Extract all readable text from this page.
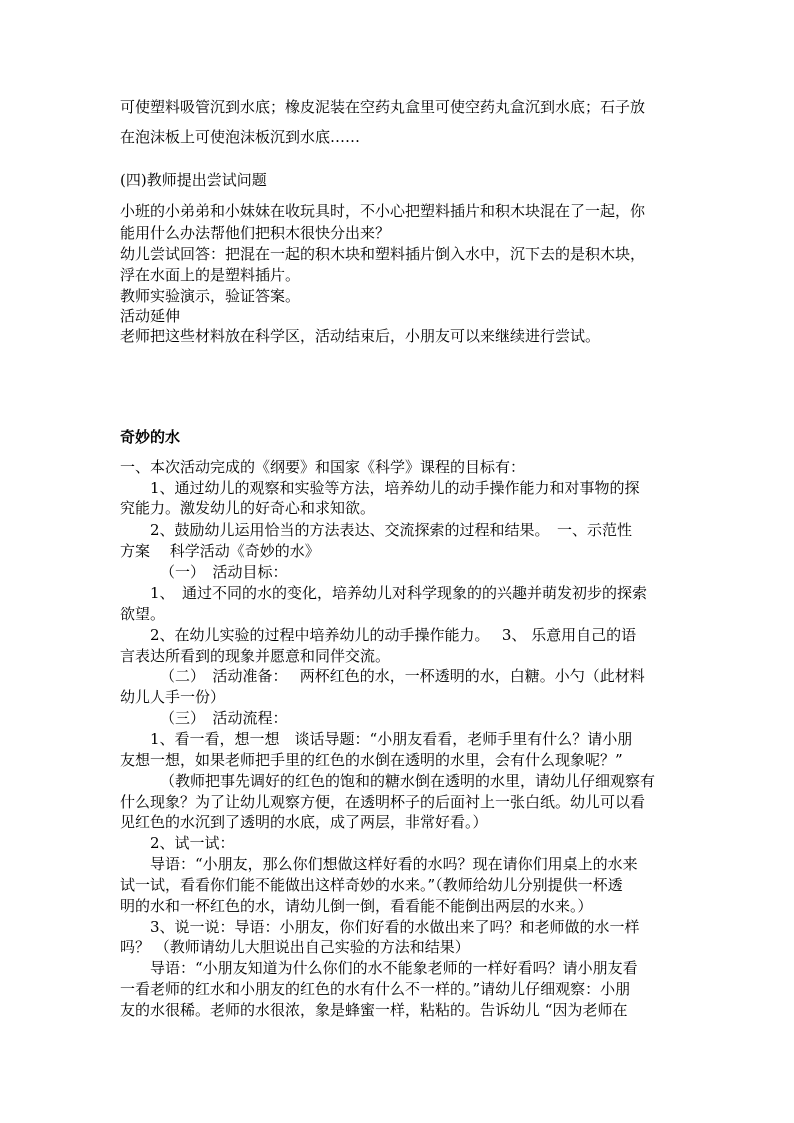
可使塑料吸管沉到水底；橡皮泥装在空药丸盒里可使空药丸盒沉到水底；石子放

在泡沫板上可使泡沫板沉到水底……

(四)教师提出尝试问题

小班的小弟弟和小妹妹在收玩具时，不小心把塑料插片和积木块混在了一起，你

能用什么办法帮他们把积木很快分出来？

幼儿尝试回答：把混在一起的积木块和塑料插片倒入水中，沉下去的是积木块，

浮在水面上的是塑料插片。

教师实验演示，验证答案。

活动延伸

老师把这些材料放在科学区，活动结束后，小朋友可以来继续进行尝试。

奇妙的水

一、本次活动完成的《纲要》和国家《科学》课程的目标有：

1、通过幼儿的观察和实验等方法，培养幼儿的动手操作能力和对事物的探

究能力。激发幼儿的好奇心和求知欲。

2、鼓励幼儿运用恰当的方法表达、交流探索的过程和结果。　一、示范性

方案　 科学活动《奇妙的水》

（一）　活动目标：

1、　通过不同的水的变化，培养幼儿对科学现象的的兴趣并萌发初步的探索

欲望。

2、在幼儿实验的过程中培养幼儿的动手操作能力。　 3、 乐意用自己的语

言表达所看到的现象并愿意和同伴交流。

（二）　活动准备：　 两杯红色的水，一杯透明的水，白糖。小勺（此材料

幼儿人手一份）

（三）　活动流程：

1、看一看，想一想　谈话导题：“小朋友看看，老师手里有什么？请小朋

友想一想，如果老师把手里的红色的水倒在透明的水里，会有什么现象呢？”

（教师把事先调好的红色的饱和的糖水倒在透明的水里，请幼儿仔细观察有

什么现象？为了让幼儿观察方便，在透明杯子的后面衬上一张白纸。幼儿可以看

见红色的水沉到了透明的水底，成了两层，非常好看。）

2、试一试：

导语：“小朋友，那么你们想做这样好看的水吗？现在请你们用桌上的水来

试一试，看看你们能不能做出这样奇妙的水来。”（教师给幼儿分别提供一杯透

明的水和一杯红色的水，请幼儿倒一倒，看看能不能倒出两层的水来。）

3、说一说：导语：小朋友，你们好看的水做出来了吗？和老师做的水一样

吗？ （教师请幼儿大胆说出自己实验的方法和结果）

导语：“小朋友知道为什么你们的水不能象老师的一样好看吗？请小朋友看

一看老师的红水和小朋友的红色的水有什么不一样的。”请幼儿仔细观察：小朋

友的水很稀。老师的水很浓，象是蜂蜜一样，粘粘的。告诉幼儿 “因为老师在
